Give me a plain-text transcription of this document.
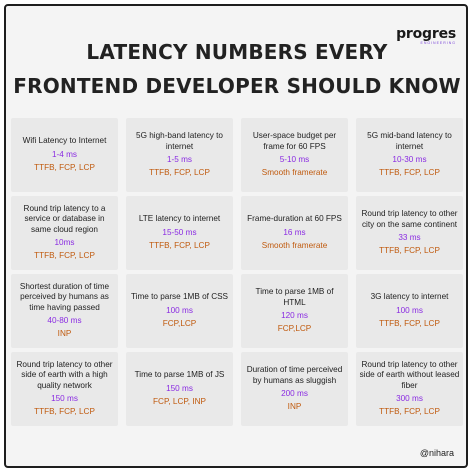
progres
ENGINEERING
LATENCY NUMBERS EVERY
FRONTEND DEVELOPER SHOULD KNOW
Wifi Latency to Internet
1-4 ms
TTFB, FCP, LCP
5G high-band latency to internet
1-5 ms
TTFB, FCP, LCP
User-space budget per frame for 60 FPS
5-10 ms
Smooth framerate
5G mid-band latency to internet
10-30 ms
TTFB, FCP, LCP
Round trip latency to a service or database in same cloud region
10ms
TTFB, FCP, LCP
LTE latency to internet
15-50 ms
TTFB, FCP, LCP
Frame-duration at 60 FPS
16 ms
Smooth framerate
Round trip latency to other city on the same continent
33 ms
TTFB, FCP, LCP
Shortest duration of time perceived by humans as time having passed
40-80 ms
INP
Time to parse 1MB of CSS
100 ms
FCP,LCP
Time to parse 1MB of HTML
120 ms
FCP,LCP
3G latency to internet
100 ms
TTFB, FCP, LCP
Round trip latency to other side of earth with a high quality network
150 ms
TTFB, FCP, LCP
Time to parse 1MB of JS
150 ms
FCP, LCP, INP
Duration of time perceived by humans as sluggish
200 ms
INP
Round trip latency to other side of earth without leased fiber
300 ms
TTFB, FCP, LCP
@nihara
